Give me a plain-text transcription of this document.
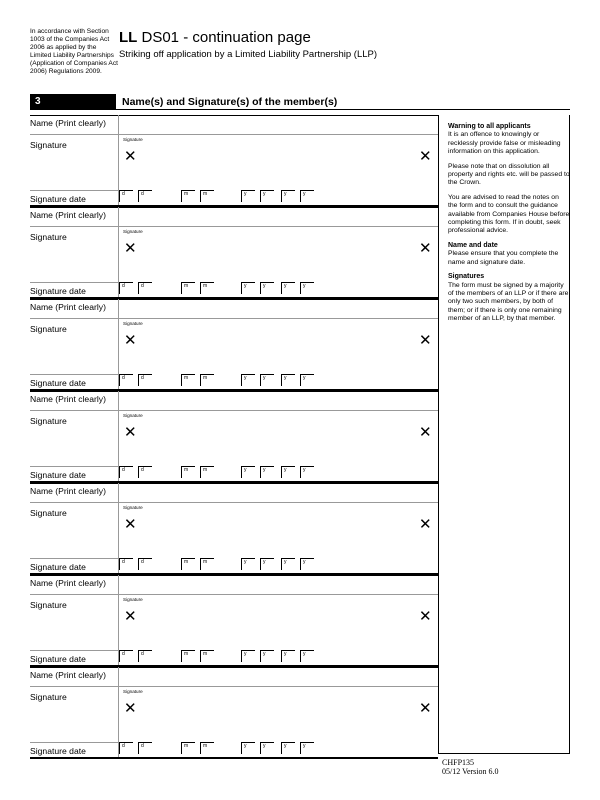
In accordance with Section 1003 of the Companies Act 2006 as applied by the Limited Liability Partnerships (Application of Companies Act 2006) Regulations 2009.
LL DS01 - continuation page
Striking off application by a Limited Liability Partnership (LLP)
3	Name(s) and Signature(s) of the member(s)
Name (Print clearly)
Signature
Signature
✕	✕
Signature date	d	d	m	m	y	y	y	y
Name (Print clearly)
Signature
Signature
✕	✕
Signature date	d	d	m	m	y	y	y	y
Name (Print clearly)
Signature
Signature
✕	✕
Signature date	d	d	m	m	y	y	y	y
Name (Print clearly)
Signature
Signature
✕	✕
Signature date	d	d	m	m	y	y	y	y
Name (Print clearly)
Signature
Signature
✕	✕
Signature date	d	d	m	m	y	y	y	y
Name (Print clearly)
Signature
Signature
✕	✕
Signature date	d	d	m	m	y	y	y	y
Name (Print clearly)
Signature
Signature
✕	✕
Signature date	d	d	m	m	y	y	y	y
Warning to all applicants

It is an offence to knowingly or recklessly provide false or misleading information on this application.

Please note that on dissolution all property and rights etc. will be passed to the Crown.

You are advised to read the notes on the form and to consult the guidance available from Companies House before completing this form. If in doubt, seek professional advice.

Name and date

Please ensure that you complete the name and signature date.

Signatures

The form must be signed by a majority of the members of an LLP or if there are only two such members, by both of them; or if there is only one remaining member of an LLP, by that member.

CHFP135
05/12 Version 6.0
